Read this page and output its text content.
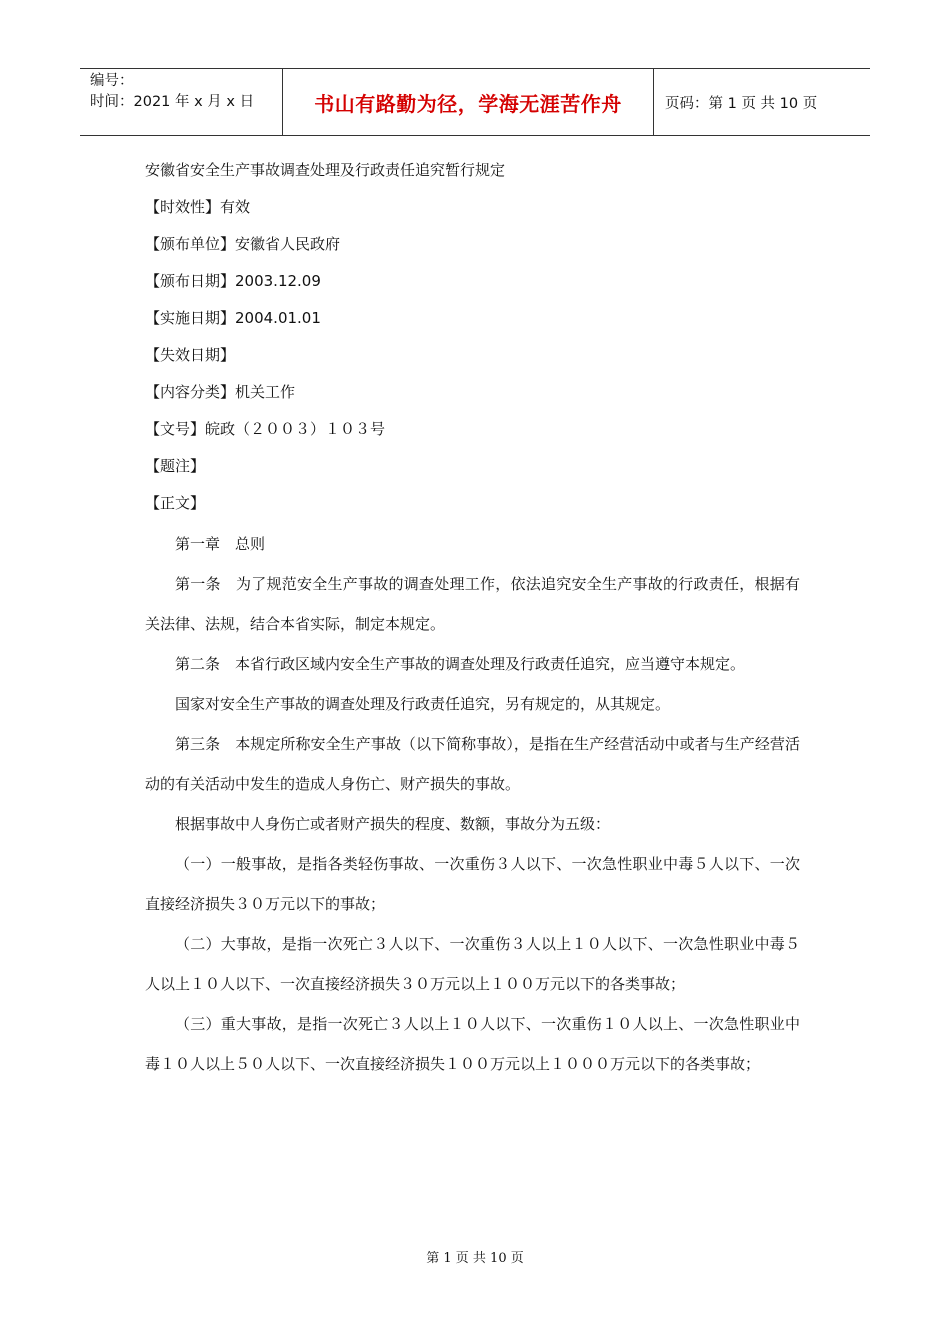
编号：
时间：2021 年 x 月 x 日	书山有路勤为径，学海无涯苦作舟	页码：第 1 页 共 10 页
安徽省安全生产事故调查处理及行政责任追究暂行规定
【时效性】有效
【颁布单位】安徽省人民政府
【颁布日期】2003.12.09
【实施日期】2004.01.01
【失效日期】
【内容分类】机关工作
【文号】皖政（２００３）１０３号
【题注】
【正文】

第一章　总则

第一条　为了规范安全生产事故的调查处理工作，依法追究安全生产事故的行政责任，根据有关法律、法规，结合本省实际，制定本规定。

第二条　本省行政区域内安全生产事故的调查处理及行政责任追究，应当遵守本规定。

国家对安全生产事故的调查处理及行政责任追究，另有规定的，从其规定。

第三条　本规定所称安全生产事故（以下简称事故），是指在生产经营活动中或者与生产经营活动的有关活动中发生的造成人身伤亡、财产损失的事故。

根据事故中人身伤亡或者财产损失的程度、数额，事故分为五级：

（一）一般事故，是指各类轻伤事故、一次重伤３人以下、一次急性职业中毒５人以下、一次直接经济损失３０万元以下的事故；

（二）大事故，是指一次死亡３人以下、一次重伤３人以上１０人以下、一次急性职业中毒５人以上１０人以下、一次直接经济损失３０万元以上１００万元以下的各类事故；

（三）重大事故，是指一次死亡３人以上１０人以下、一次重伤１０人以上、一次急性职业中毒１０人以上５０人以下、一次直接经济损失１００万元以上１０００万元以下的各类事故；

第 1 页 共 10 页
